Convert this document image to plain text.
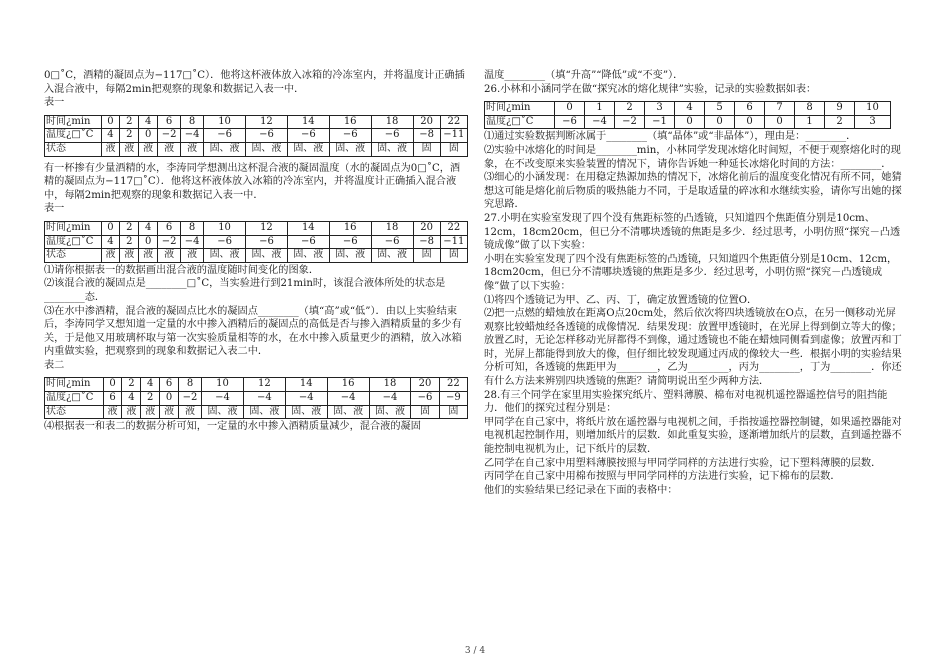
0□˚C，酒精的凝固点为−117□˚C）．他将这杯液体放入冰箱的冷冻室内，并将温度计正确插入混合液中，每隔2min把观察的现象和数据记入表一中．

表一

时间¿min	0	2	4	6	8	10	12	14	16	18	20	22
温度¿□˚C	4	2	0	−2	−4	−6	−6	−6	−6	−6	−8	−11
状态	液	液	液	液	液	固、液	固、液	固、液	固、液	固、液	固	固

有一杯掺有少量酒精的水，李涛同学想测出这杯混合液的凝固温度（水的凝固点为0□˚C，酒精的凝固点为−117□˚C）．他将这杯液体放入冰箱的冷冻室内，并将温度计正确插入混合液中，每隔2min把观察的现象和数据记入表一中．

表一

时间¿min	0	2	4	6	8	10	12	14	16	18	20	22
温度¿□˚C	4	2	0	−2	−4	−6	−6	−6	−6	−6	−8	−11
状态	液	液	液	液	液	固、液	固、液	固、液	固、液	固、液	固	固

⑴请你根据表一的数据画出混合液的温度随时间变化的图象．

⑵该混合液的凝固点是________□˚C，当实验进行到21min时，该混合液体所处的状态是________态．

⑶在水中渗酒精，混合液的凝固点比水的凝固点________（填“高”或“低”）．由以上实验结束后，李涛同学又想知道一定量的水中掺入酒精后的凝固点的高低是否与掺入酒精质量的多少有关，于是他又用玻璃杯取与第一次实验质量相等的水，在水中掺入质量更少的酒精，放入冰箱内重做实验，把观察到的现象和数据记入表二中．

表二

时间¿min	0	2	4	6	8	10	12	14	16	18	20	22
温度¿□˚C	6	4	2	0	−2	−4	−4	−4	−4	−4	−6	−9
状态	液	液	液	液	液	固、液	固、液	固、液	固、液	固、液	固	固

⑷根据表一和表二的数据分析可知，一定量的水中掺入酒精质量减少，混合液的凝固

温度________（填“升高”“降低”或“不变”）．

26.小林和小涵同学在做“探究冰的熔化规律”实验，记录的实验数据如表：

时间¿min	0	1	2	3	4	5	6	7	8	9	10
温度¿□˚C	−6	−4	−2	−1	0	0	0	0	1	2	3

⑴通过实验数据判断冰属于________（填“晶体”或“非晶体”），理由是：________．

⑵实验中冰熔化的时间是________min，小林同学发现冰熔化时间短，不便于观察熔化时的现象，在不改变原来实验装置的情况下，请你告诉她一种延长冰熔化时间的方法：________．

⑶细心的小涵发现：在用稳定热源加热的情况下，冰熔化前后的温度变化情况有所不同，她猜想这可能是熔化前后物质的吸热能力不同，于是取适量的碎冰和水继续实验，请你写出她的探究思路．

27.小明在实验室发现了四个没有焦距标签的凸透镜，只知道四个焦距值分别是10cm、12cm，18cm20cm，但已分不清哪块透镜的焦距是多少．经过思考，小明仿照“探究－凸透镜成像”做了以下实验：

小明在实验室发现了四个没有焦距标签的凸透镜，只知道四个焦距值分别是10cm、12cm，18cm20cm，但已分不清哪块透镜的焦距是多少．经过思考，小明仿照“探究－凸透镜成像”做了以下实验：

⑴将四个透镜记为甲、乙、丙、丁，确定放置透镜的位置O．

⑵把一点燃的蜡烛放在距离O点20cm处，然后依次将四块透镜放在O点，在另一侧移动光屏观察比较蜡烛经各透镜的成像情况．结果发现：放置甲透镜时，在光屏上得到倒立等大的像；放置乙时，无论怎样移动光屏都得不到像，通过透镜也不能在蜡烛同侧看到虚像；放置丙和丁时，光屏上都能得到放大的像，但仔细比较发现通过丙成的像较大一些．根据小明的实验结果分析可知，各透镜的焦距甲为________，乙为________，丙为________，丁为________．你还有什么方法来辨别四块透镜的焦距？请简明说出至少两种方法．

28.有三个同学在家里用实验探究纸片、塑料薄膜、棉布对电视机遥控器遥控信号的阻挡能力．他们的探究过程分别是：

甲同学在自己家中，将纸片放在遥控器与电视机之间，手指按遥控器控制键，如果遥控器能对电视机起控制作用，则增加纸片的层数．如此重复实验，逐渐增加纸片的层数，直到遥控器不能控制电视机为止，记下纸片的层数．

乙同学在自己家中用塑料薄膜按照与甲同学同样的方法进行实验，记下塑料薄膜的层数．

丙同学在自己家中用棉布按照与甲同学同样的方法进行实验，记下棉布的层数．

他们的实验结果已经记录在下面的表格中：

3 / 4
